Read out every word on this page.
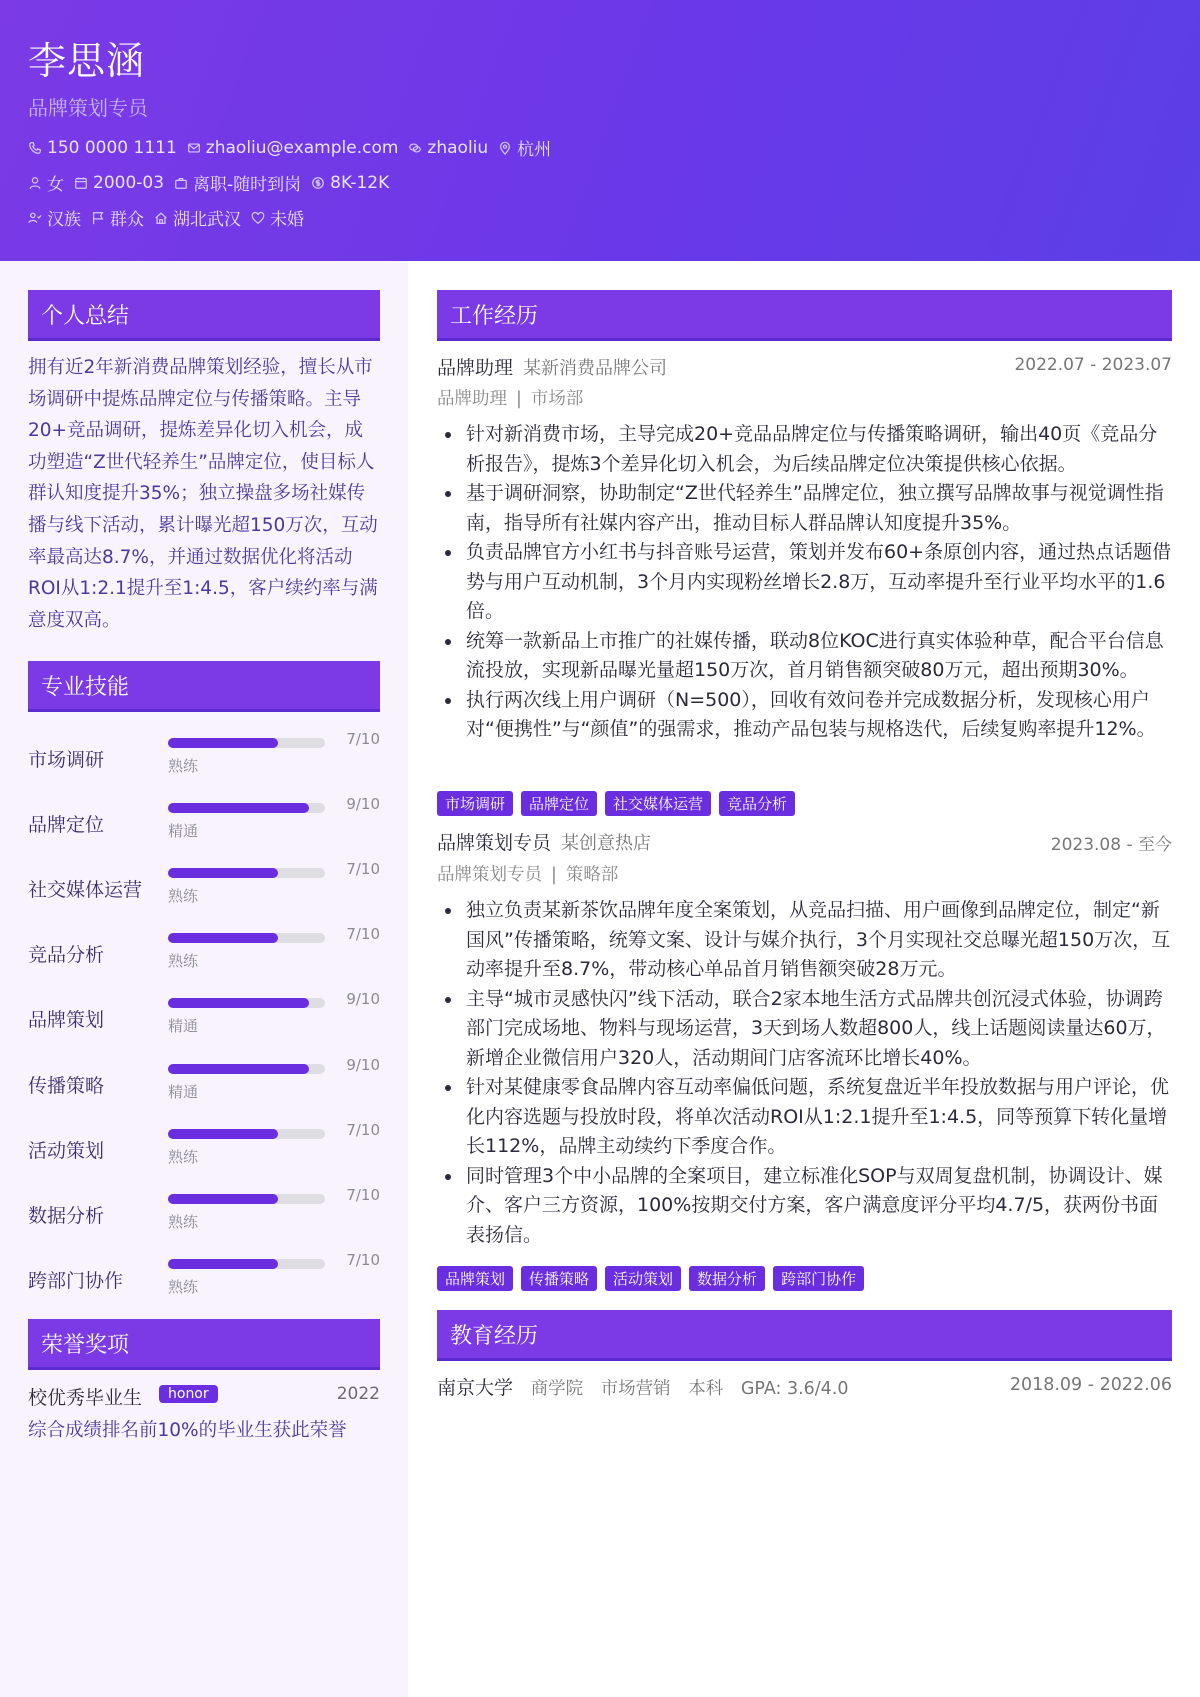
李思涵
品牌策划专员
150 0000 1111 zhaoliu@example.com zhaoliu 杭州
女 2000-03 离职-随时到岗 8K-12K
汉族 群众 湖北武汉 未婚
个人总结
拥有近2年新消费品牌策划经验，擅长从市场调研中提炼品牌定位与传播策略。主导20+竞品调研，提炼差异化切入机会，成功塑造“Z世代轻养生”品牌定位，使目标人群认知度提升35%；独立操盘多场社媒传播与线下活动，累计曝光超150万次，互动率最高达8.7%，并通过数据优化将活动ROI从1:2.1提升至1:4.5，客户续约率与满意度双高。
专业技能
市场调研
7/10
熟练
品牌定位
9/10
精通
社交媒体运营
7/10
熟练
竞品分析
7/10
熟练
品牌策划
9/10
精通
传播策略
9/10
精通
活动策划
7/10
熟练
数据分析
7/10
熟练
跨部门协作
7/10
熟练
荣誉奖项
校优秀毕业生	honor	2022
综合成绩排名前10%的毕业生获此荣誉
工作经历
品牌助理 某新消费品牌公司	2022.07 - 2023.07
品牌助理 | 市场部
针对新消费市场，主导完成20+竞品品牌定位与传播策略调研，输出40页《竞品分析报告》，提炼3个差异化切入机会，为后续品牌定位决策提供核心依据。
基于调研洞察，协助制定“Z世代轻养生”品牌定位，独立撰写品牌故事与视觉调性指南，指导所有社媒内容产出，推动目标人群品牌认知度提升35%。
负责品牌官方小红书与抖音账号运营，策划并发布60+条原创内容，通过热点话题借势与用户互动机制，3个月内实现粉丝增长2.8万，互动率提升至行业平均水平的1.6倍。
统筹一款新品上市推广的社媒传播，联动8位KOC进行真实体验种草，配合平台信息流投放，实现新品曝光量超150万次，首月销售额突破80万元，超出预期30%。
执行两次线上用户调研（N=500），回收有效问卷并完成数据分析，发现核心用户对“便携性”与“颜值”的强需求，推动产品包装与规格迭代，后续复购率提升12%。
市场调研	品牌定位	社交媒体运营	竞品分析
品牌策划专员 某创意热店	2023.08 - 至今
品牌策划专员 | 策略部
独立负责某新茶饮品牌年度全案策划，从竞品扫描、用户画像到品牌定位，制定“新国风”传播策略，统筹文案、设计与媒介执行，3个月实现社交总曝光超150万次，互动率提升至8.7%，带动核心单品首月销售额突破28万元。
主导“城市灵感快闪”线下活动，联合2家本地生活方式品牌共创沉浸式体验，协调跨部门完成场地、物料与现场运营，3天到场人数超800人，线上话题阅读量达60万，新增企业微信用户320人，活动期间门店客流环比增长40%。
针对某健康零食品牌内容互动率偏低问题，系统复盘近半年投放数据与用户评论，优化内容选题与投放时段，将单次活动ROI从1:2.1提升至1:4.5，同等预算下转化量增长112%，品牌主动续约下季度合作。
同时管理3个中小品牌的全案项目，建立标准化SOP与双周复盘机制，协调设计、媒介、客户三方资源，100%按期交付方案，客户满意度评分平均4.7/5，获两份书面表扬信。
品牌策划	传播策略	活动策划	数据分析	跨部门协作
教育经历
南京大学 商学院 市场营销 本科 GPA: 3.6/4.0	2018.09 - 2022.06
